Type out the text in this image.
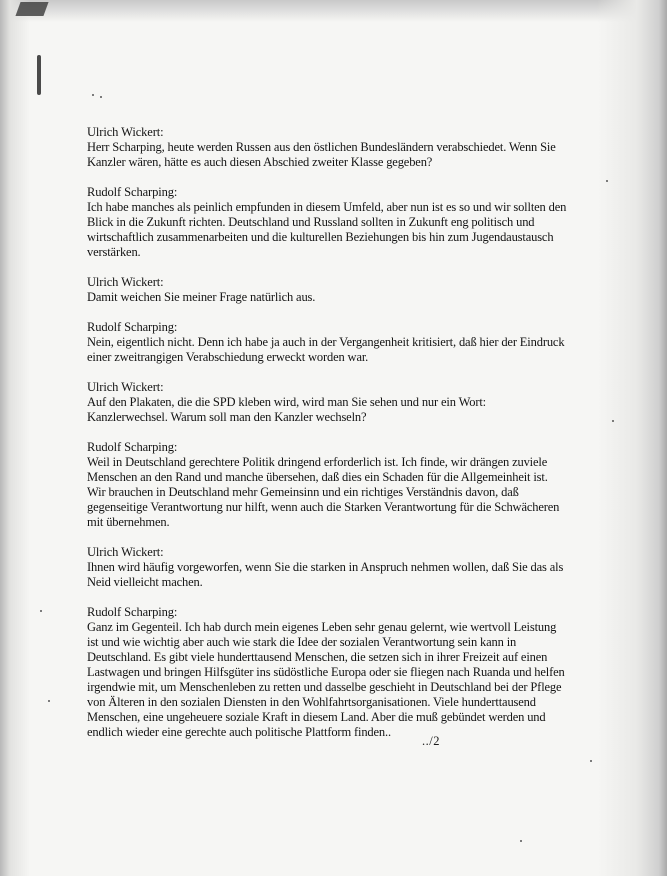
Ulrich Wickert:
Herr Scharping, heute werden Russen aus den östlichen Bundesländern verabschiedet. Wenn Sie Kanzler wären, hätte es auch diesen Abschied zweiter Klasse gegeben?
Rudolf Scharping:
Ich habe manches als peinlich empfunden in diesem Umfeld, aber nun ist es so und wir sollten den Blick in die Zukunft richten. Deutschland und Russland sollten in Zukunft eng politisch und wirtschaftlich zusammenarbeiten und die kulturellen Beziehungen bis hin zum Jugendaustausch verstärken.
Ulrich Wickert:
Damit weichen Sie meiner Frage natürlich aus.
Rudolf Scharping:
Nein, eigentlich nicht. Denn ich habe ja auch in der Vergangenheit kritisiert, daß hier der Eindruck einer zweitrangigen Verabschiedung erweckt worden war.
Ulrich Wickert:
Auf den Plakaten, die die SPD kleben wird, wird man Sie sehen und nur ein Wort: Kanzlerwechsel. Warum soll man den Kanzler wechseln?
Rudolf Scharping:
Weil in Deutschland gerechtere Politik dringend erforderlich ist. Ich finde, wir drängen zuviele Menschen an den Rand und manche übersehen, daß dies ein Schaden für die Allgemeinheit ist. Wir brauchen in Deutschland mehr Gemeinsinn und ein richtiges Verständnis davon, daß gegenseitige Verantwortung nur hilft, wenn auch die Starken Verantwortung für die Schwächeren mit übernehmen.
Ulrich Wickert:
Ihnen wird häufig vorgeworfen, wenn Sie die starken in Anspruch nehmen wollen, daß Sie das als Neid vielleicht machen.
Rudolf Scharping:
Ganz im Gegenteil. Ich hab durch mein eigenes Leben sehr genau gelernt, wie wertvoll Leistung ist und wie wichtig aber auch wie stark die Idee der sozialen Verantwortung sein kann in Deutschland. Es gibt viele hunderttausend Menschen, die setzen sich in ihrer Freizeit auf einen Lastwagen und bringen Hilfsgüter ins südöstliche Europa oder sie fliegen nach Ruanda und helfen irgendwie mit, um Menschenleben zu retten und dasselbe geschieht in Deutschland bei der Pflege von Älteren in den sozialen Diensten in den Wohlfahrtsorganisationen. Viele hunderttausend Menschen, eine ungeheuere soziale Kraft in diesem Land. Aber die muß gebündet werden und endlich wieder eine gerechte auch politische Plattform finden..
../2
